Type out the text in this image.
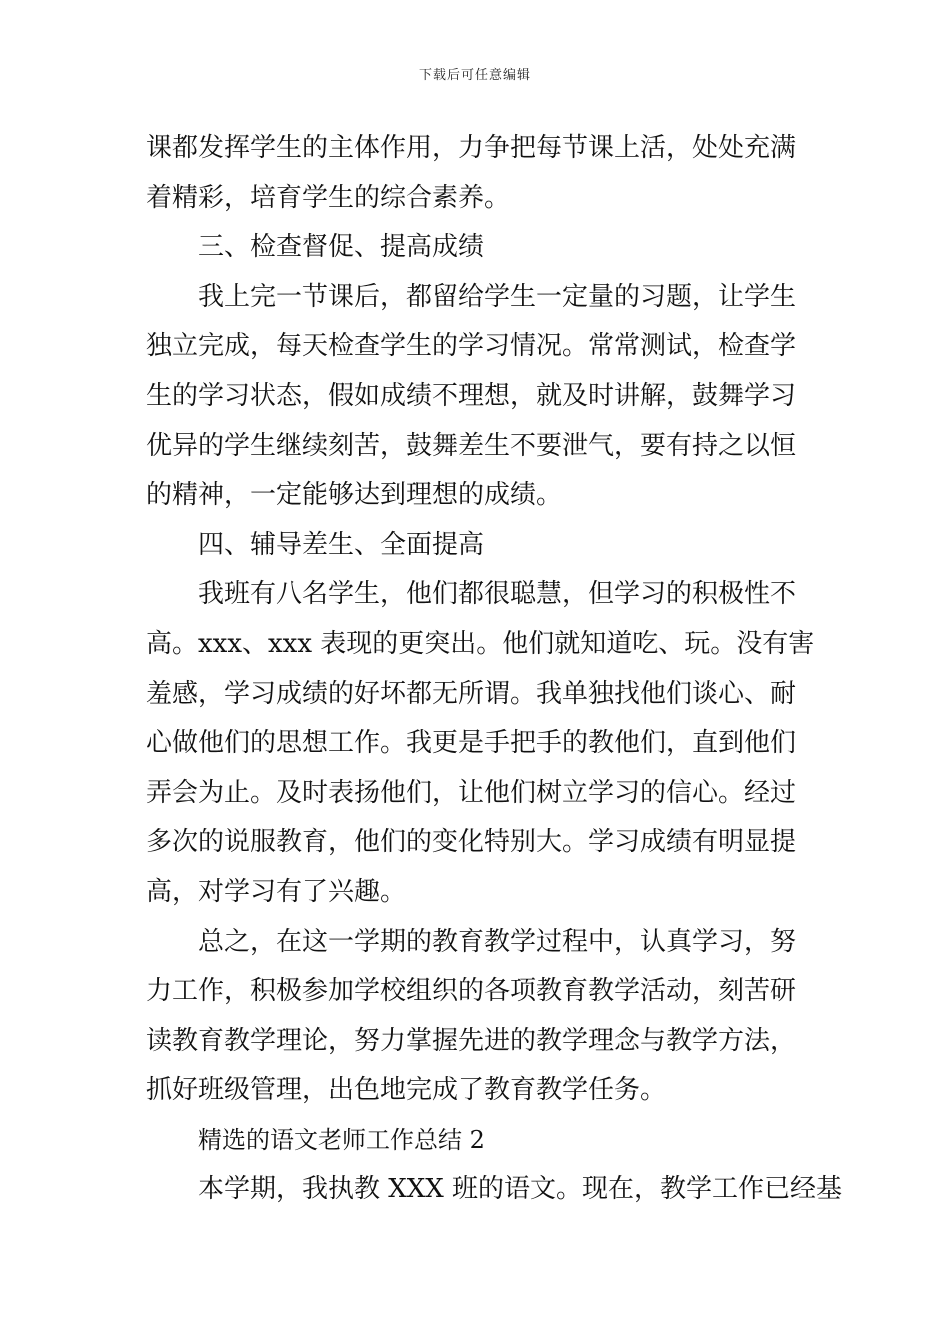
下载后可任意编辑
课都发挥学生的主体作用，力争把每节课上活，处处充满
着精彩，培育学生的综合素养。
三、检查督促、提高成绩
我上完一节课后，都留给学生一定量的习题，让学生
独立完成，每天检查学生的学习情况。常常测试，检查学
生的学习状态，假如成绩不理想，就及时讲解，鼓舞学习
优异的学生继续刻苦，鼓舞差生不要泄气，要有持之以恒
的精神，一定能够达到理想的成绩。
四、辅导差生、全面提高
我班有八名学生，他们都很聪慧，但学习的积极性不
高。xxx、xxx 表现的更突出。他们就知道吃、玩。没有害
羞感，学习成绩的好坏都无所谓。我单独找他们谈心、耐
心做他们的思想工作。我更是手把手的教他们，直到他们
弄会为止。及时表扬他们，让他们树立学习的信心。经过
多次的说服教育，他们的变化特别大。学习成绩有明显提
高，对学习有了兴趣。
总之，在这一学期的教育教学过程中，认真学习，努
力工作，积极参加学校组织的各项教育教学活动，刻苦研
读教育教学理论，努力掌握先进的教学理念与教学方法，
抓好班级管理，出色地完成了教育教学任务。
精选的语文老师工作总结 2
本学期，我执教 XXX 班的语文。现在，教学工作已经基
